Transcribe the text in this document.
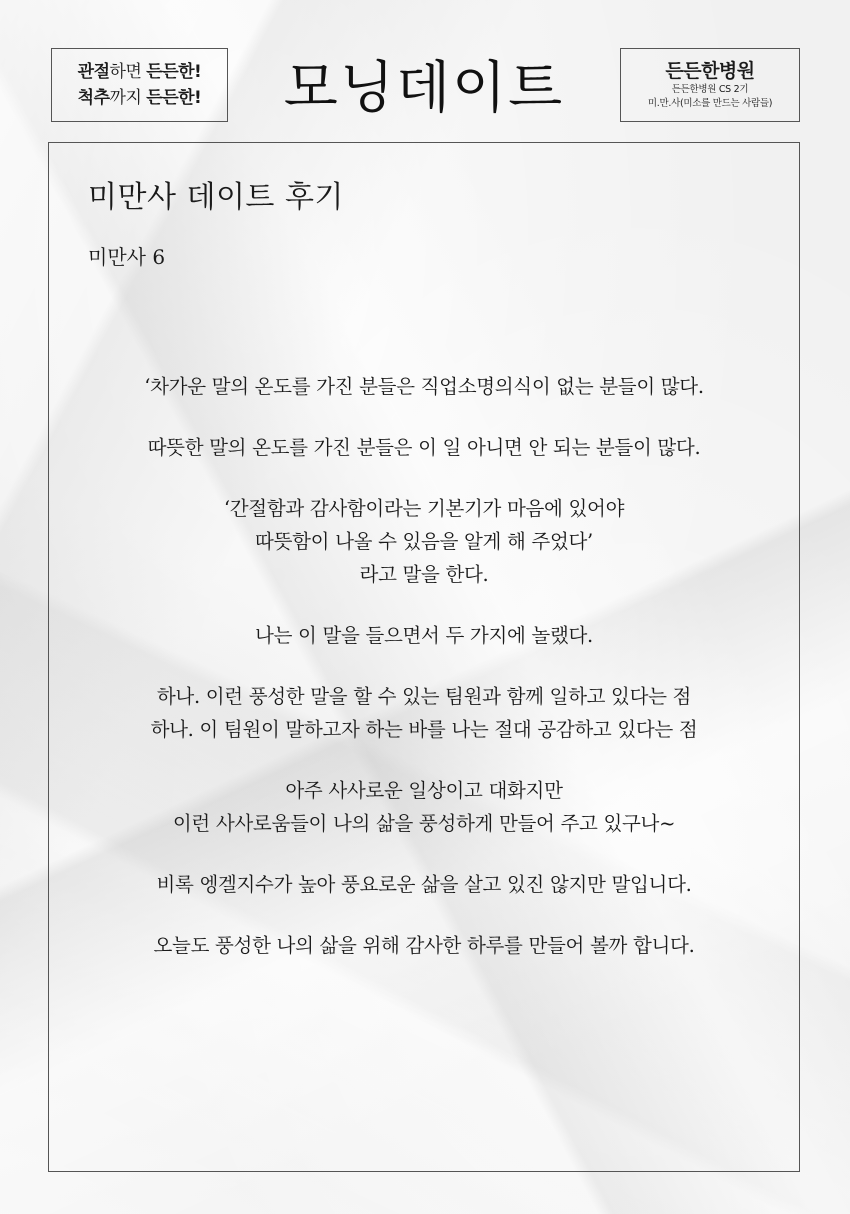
관절하면 든든한!
척추까지 든든한!	모닝데이트	든든한병원
든든한병원 CS 2기
미.만.사(미소를 만드는 사람들)
미만사 데이트 후기
미만사 6
‘차가운 말의 온도를 가진 분들은 직업소명의식이 없는 분들이 많다.
따뜻한 말의 온도를 가진 분들은 이 일 아니면 안 되는 분들이 많다.
‘간절함과 감사함이라는 기본기가 마음에 있어야
따뜻함이 나올 수 있음을 알게 해 주었다’
라고 말을 한다.
나는 이 말을 들으면서 두 가지에 놀랬다.
하나. 이런 풍성한 말을 할 수 있는 팀원과 함께 일하고 있다는 점
하나. 이 팀원이 말하고자 하는 바를 나는 절대 공감하고 있다는 점
아주 사사로운 일상이고 대화지만
이런 사사로움들이 나의 삶을 풍성하게 만들어 주고 있구나~
비록 엥겔지수가 높아 풍요로운 삶을 살고 있진 않지만 말입니다.
오늘도 풍성한 나의 삶을 위해 감사한 하루를 만들어 볼까 합니다.
